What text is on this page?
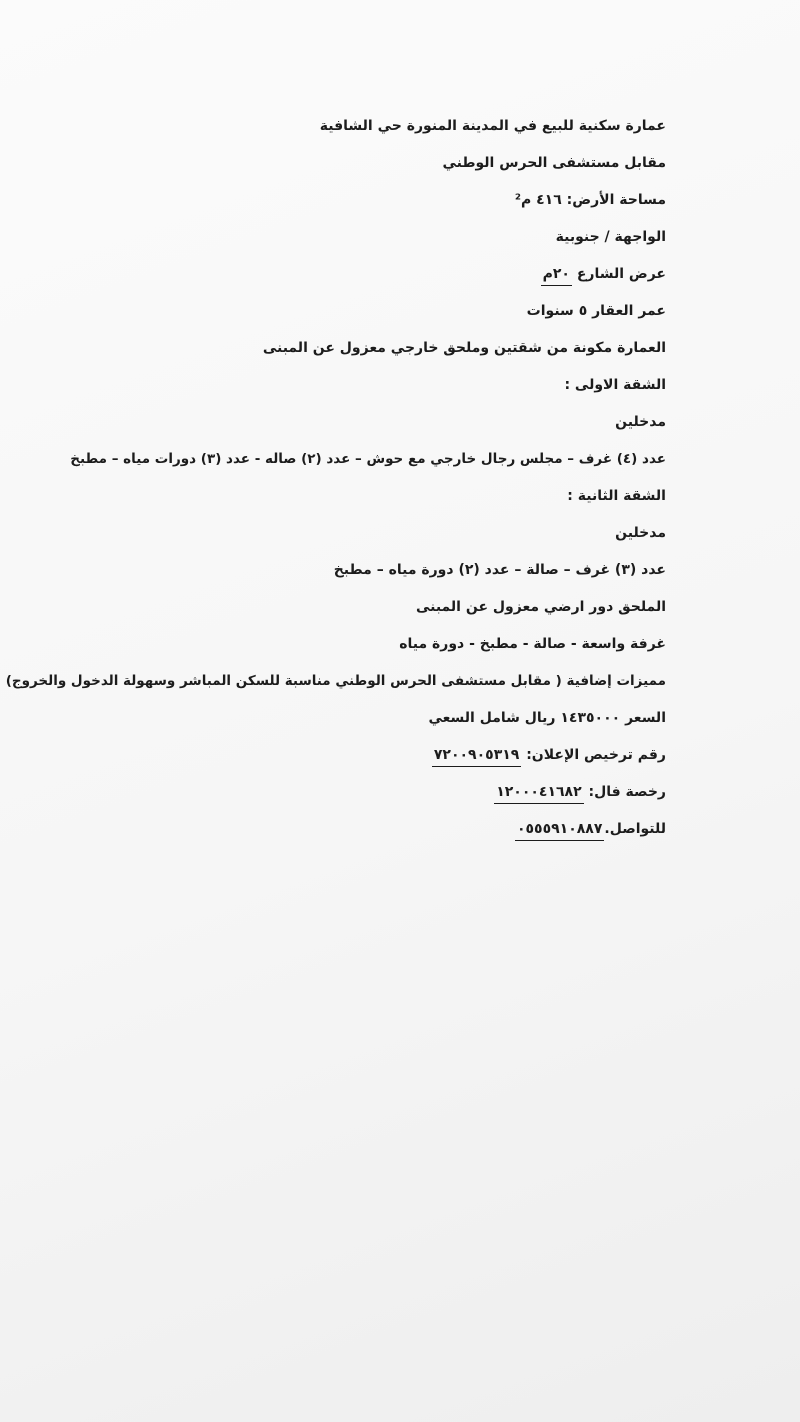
عمارة سكنية للبيع في المدينة المنورة حي الشافية
مقابل مستشفى الحرس الوطني
مساحة الأرض: ٤١٦ م²
الواجهة / جنوبية
عرض الشارع ٢٠م
عمر العقار ٥ سنوات
العمارة مكونة من شقتين وملحق خارجي معزول عن المبنى
الشقة الاولى :
مدخلين
عدد (٤) غرف – مجلس رجال خارجي مع حوش – عدد (٢) صاله - عدد (٣) دورات مياه – مطبخ
الشقة الثانية :
مدخلين
عدد (٣) غرف – صالة – عدد (٢) دورة مياه – مطبخ
الملحق دور ارضي معزول عن المبنى
غرفة واسعة - صالة - مطبخ - دورة مياه
مميزات إضافية ( مقابل مستشفى الحرس الوطني مناسبة للسكن المباشر وسهولة الدخول والخروج)
السعر ١٤٣٥٠٠٠ ريال شامل السعي
رقم ترخيص الإعلان: ٧٢٠٠٩٠٥٣١٩
رخصة فال: ١٢٠٠٠٤١٦٨٢
للتواصل.٠٥٥٥٩١٠٨٨٧
